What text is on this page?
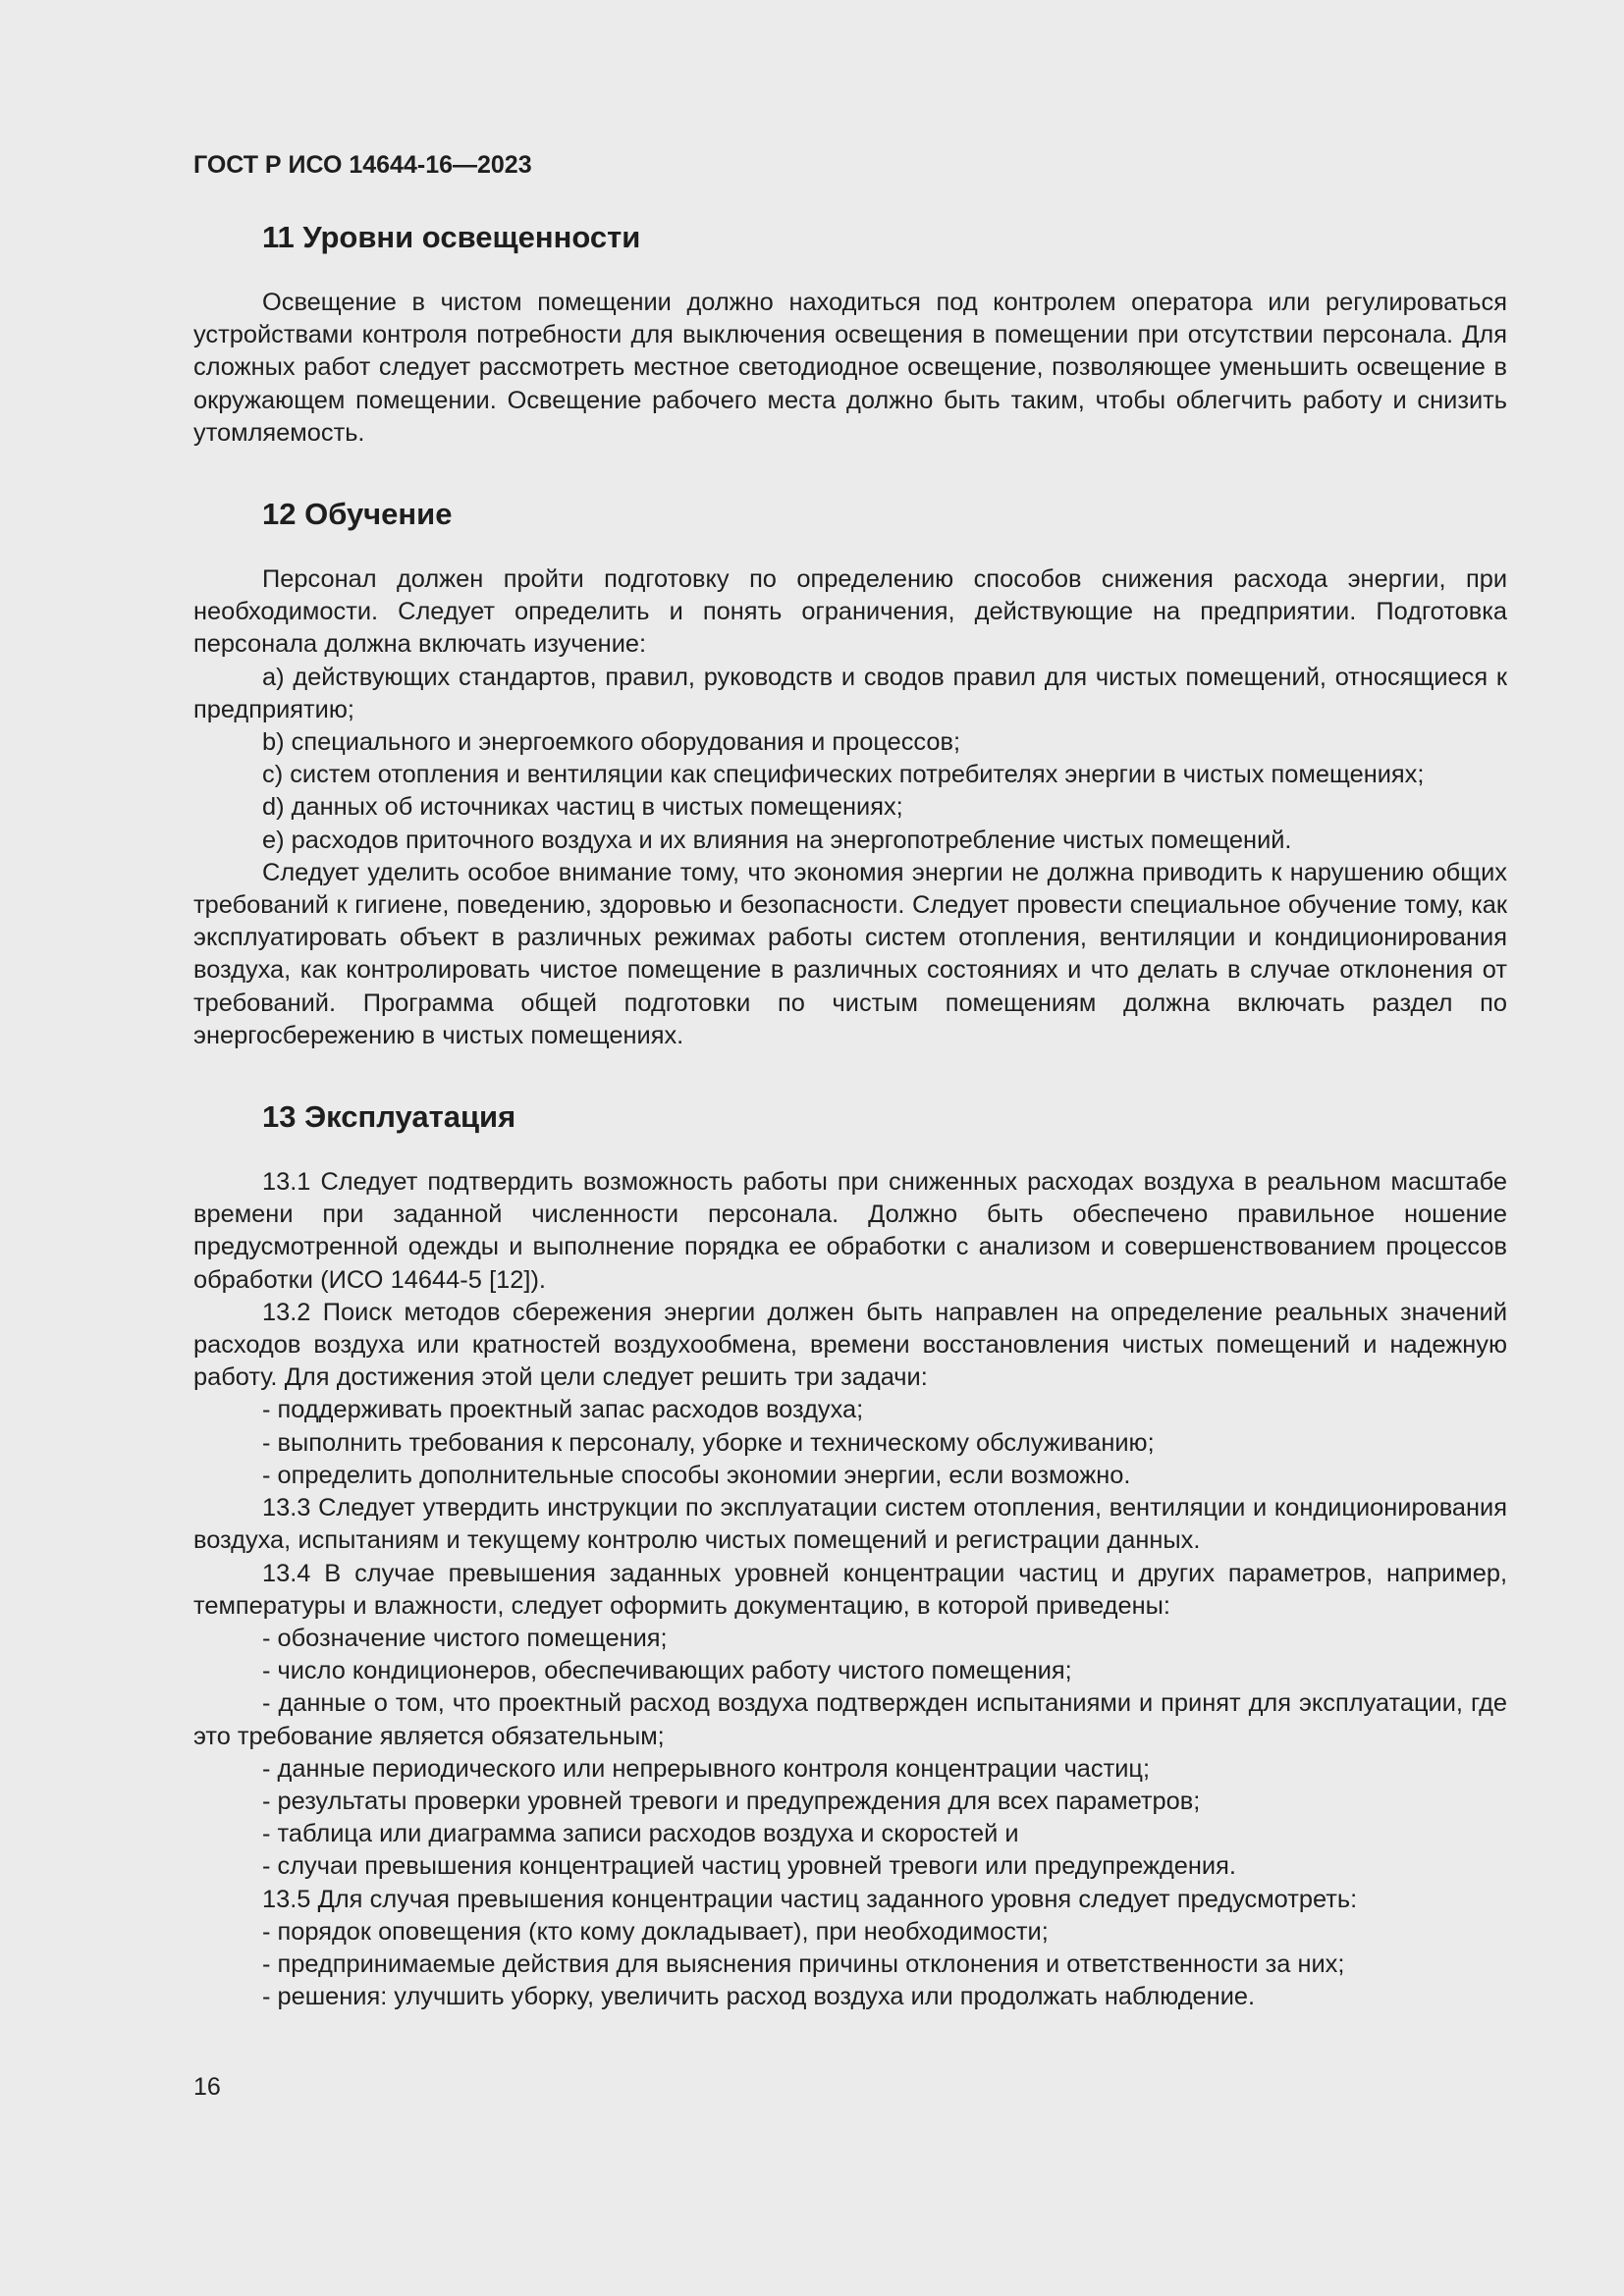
ГОСТ Р ИСО 14644-16—2023
11 Уровни освещенности

Освещение в чистом помещении должно находиться под контролем оператора или регулироваться устройствами контроля потребности для выключения освещения в помещении при отсутствии персонала. Для сложных работ следует рассмотреть местное светодиодное освещение, позволяющее уменьшить освещение в окружающем помещении. Освещение рабочего места должно быть таким, чтобы облегчить работу и снизить утомляемость.

12 Обучение

Персонал должен пройти подготовку по определению способов снижения расхода энергии, при необходимости. Следует определить и понять ограничения, действующие на предприятии. Подготовка персонала должна включать изучение:

а) действующих стандартов, правил, руководств и сводов правил для чистых помещений, относящиеся к предприятию;

b) специального и энергоемкого оборудования и процессов;

c) систем отопления и вентиляции как специфических потребителях энергии в чистых помещениях;

d) данных об источниках частиц в чистых помещениях;

е) расходов приточного воздуха и их влияния на энергопотребление чистых помещений.

Следует уделить особое внимание тому, что экономия энергии не должна приводить к нарушению общих требований к гигиене, поведению, здоровью и безопасности. Следует провести специальное обучение тому, как эксплуатировать объект в различных режимах работы систем отопления, вентиляции и кондиционирования воздуха, как контролировать чистое помещение в различных состояниях и что делать в случае отклонения от требований. Программа общей подготовки по чистым помещениям должна включать раздел по энергосбережению в чистых помещениях.

13 Эксплуатация

13.1 Следует подтвердить возможность работы при сниженных расходах воздуха в реальном масштабе времени при заданной численности персонала. Должно быть обеспечено правильное ношение предусмотренной одежды и выполнение порядка ее обработки с анализом и совершенствованием процессов обработки (ИСО 14644-5 [12]).

13.2 Поиск методов сбережения энергии должен быть направлен на определение реальных значений расходов воздуха или кратностей воздухообмена, времени восстановления чистых помещений и надежную работу. Для достижения этой цели следует решить три задачи:

- поддерживать проектный запас расходов воздуха;

- выполнить требования к персоналу, уборке и техническому обслуживанию;

- определить дополнительные способы экономии энергии, если возможно.

13.3 Следует утвердить инструкции по эксплуатации систем отопления, вентиляции и кондиционирования воздуха, испытаниям и текущему контролю чистых помещений и регистрации данных.

13.4 В случае превышения заданных уровней концентрации частиц и других параметров, например, температуры и влажности, следует оформить документацию, в которой приведены:

- обозначение чистого помещения;

- число кондиционеров, обеспечивающих работу чистого помещения;

- данные о том, что проектный расход воздуха подтвержден испытаниями и принят для эксплуатации, где это требование является обязательным;

- данные периодического или непрерывного контроля концентрации частиц;

- результаты проверки уровней тревоги и предупреждения для всех параметров;

- таблица или диаграмма записи расходов воздуха и скоростей и

- случаи превышения концентрацией частиц уровней тревоги или предупреждения.

13.5 Для случая превышения концентрации частиц заданного уровня следует предусмотреть:

- порядок оповещения (кто кому докладывает), при необходимости;

- предпринимаемые действия для выяснения причины отклонения и ответственности за них;

- решения: улучшить уборку, увеличить расход воздуха или продолжать наблюдение.

16
